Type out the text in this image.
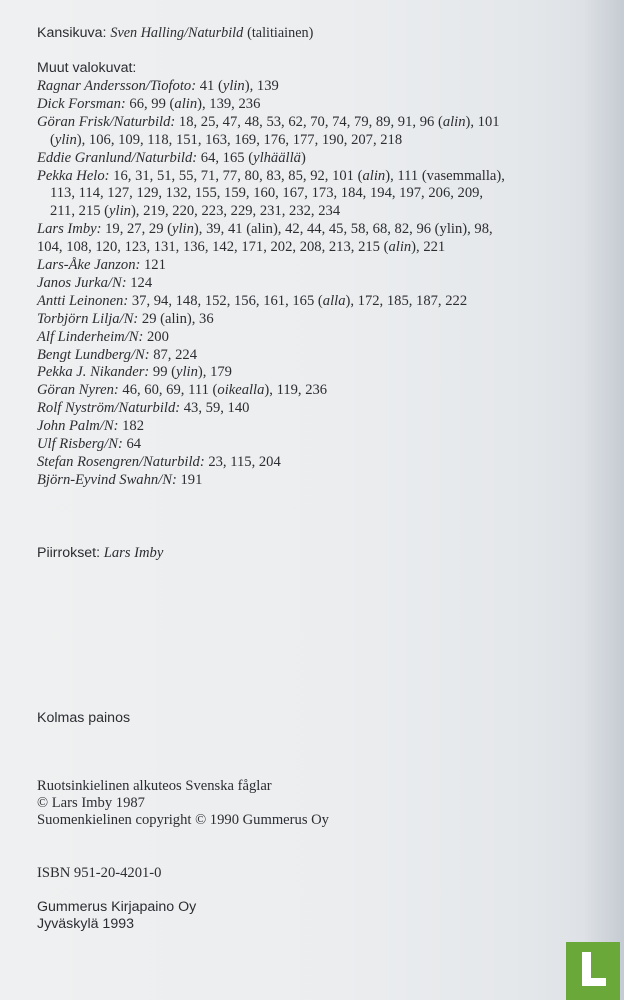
Kansikuva: Sven Halling/Naturbild (talitiainen)
Muut valokuvat:
Ragnar Andersson/Tiofoto: 41 (ylin), 139
Dick Forsman: 66, 99 (alin), 139, 236
Göran Frisk/Naturbild: 18, 25, 47, 48, 53, 62, 70, 74, 79, 89, 91, 96 (alin), 101
(ylin), 106, 109, 118, 151, 163, 169, 176, 177, 190, 207, 218
Eddie Granlund/Naturbild: 64, 165 (ylhäällä)
Pekka Helo: 16, 31, 51, 55, 71, 77, 80, 83, 85, 92, 101 (alin), 111 (vasemmalla),
113, 114, 127, 129, 132, 155, 159, 160, 167, 173, 184, 194, 197, 206, 209,
211, 215 (ylin), 219, 220, 223, 229, 231, 232, 234
Lars Imby: 19, 27, 29 (ylin), 39, 41 (alin), 42, 44, 45, 58, 68, 82, 96 (ylin), 98,
104, 108, 120, 123, 131, 136, 142, 171, 202, 208, 213, 215 (alin), 221
Lars-Åke Janzon: 121
Janos Jurka/N: 124
Antti Leinonen: 37, 94, 148, 152, 156, 161, 165 (alla), 172, 185, 187, 222
Torbjörn Lilja/N: 29 (alin), 36
Alf Linderheim/N: 200
Bengt Lundberg/N: 87, 224
Pekka J. Nikander: 99 (ylin), 179
Göran Nyren: 46, 60, 69, 111 (oikealla), 119, 236
Rolf Nyström/Naturbild: 43, 59, 140
John Palm/N: 182
Ulf Risberg/N: 64
Stefan Rosengren/Naturbild: 23, 115, 204
Björn-Eyvind Swahn/N: 191
Piirrokset: Lars Imby
Kolmas painos
Ruotsinkielinen alkuteos Svenska fåglar
© Lars Imby 1987
Suomenkielinen copyright © 1990 Gummerus Oy
ISBN 951-20-4201-0
Gummerus Kirjapaino Oy
Jyväskylä 1993
